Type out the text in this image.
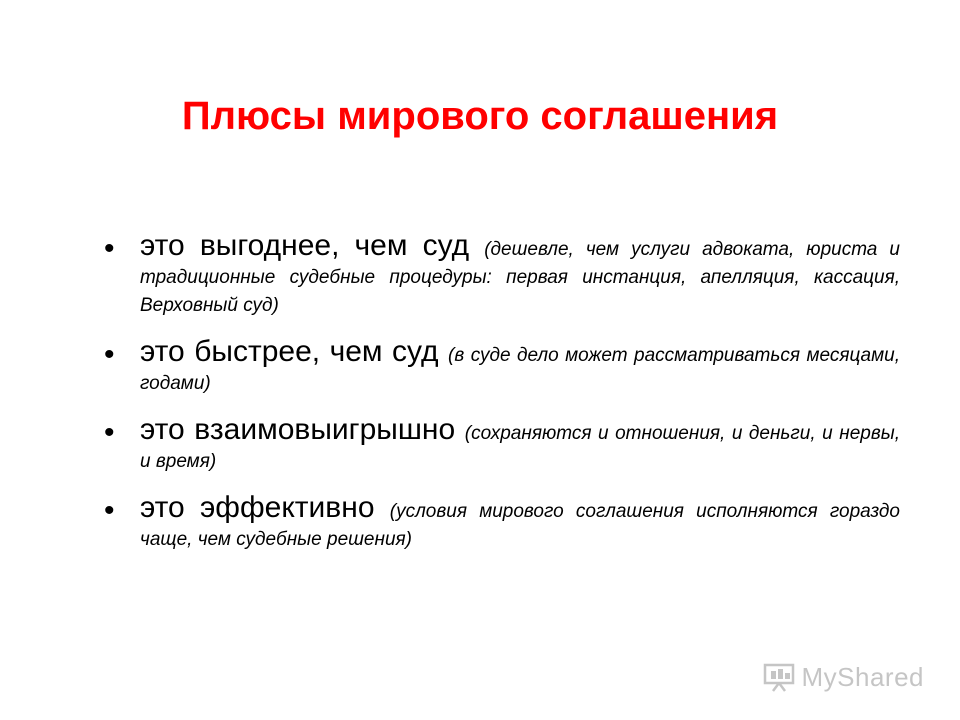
Плюсы мирового соглашения
• это выгоднее, чем суд (дешевле, чем услуги адвоката, юриста и традиционные судебные процедуры: первая инстанция, апелляция, кассация, Верховный суд)
• это быстрее, чем суд (в суде дело может рассматриваться месяцами, годами)
• это взаимовыигрышно (сохраняются и отношения, и деньги, и нервы, и время)
• это эффективно (условия мирового соглашения исполняются гораздо чаще, чем судебные решения)
MyShared
